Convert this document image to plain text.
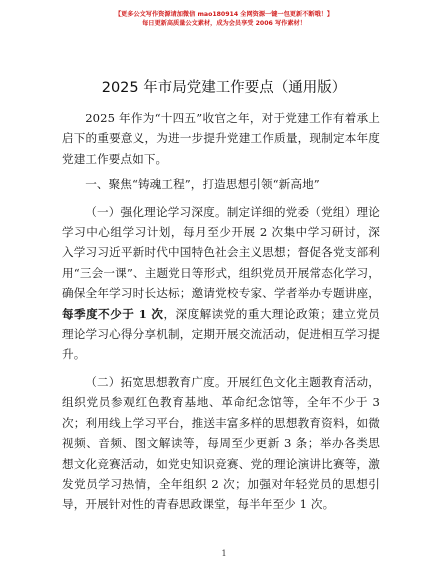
【更多公文写作资源请加微信 mao180914 全网资源一键一包更新不断哦！】
每日更新高质量公文素材，成为会员享受 2006 写作素材！
2025 年市局党建工作要点（通用版）

2025 年作为“十四五”收官之年，对于党建工作有着承上启下的重要意义，为进一步提升党建工作质量，现制定本年度党建工作要点如下。

一、聚焦“铸魂工程”，打造思想引领“新高地”

（一）强化理论学习深度。制定详细的党委（党组）理论学习中心组学习计划，每月至少开展 2 次集中学习研讨，深入学习习近平新时代中国特色社会主义思想；督促各党支部利用“三会一课”、主题党日等形式，组织党员开展常态化学习，确保全年学习时长达标；邀请党校专家、学者举办专题讲座，每季度不少于 1 次，深度解读党的重大理论政策；建立党员理论学习心得分享机制，定期开展交流活动，促进相互学习提升。

（二）拓宽思想教育广度。开展红色文化主题教育活动，组织党员参观红色教育基地、革命纪念馆等，全年不少于 3 次；利用线上学习平台，推送丰富多样的思想教育资料，如微视频、音频、图文解读等，每周至少更新 3 条；举办各类思想文化竞赛活动，如党史知识竞赛、党的理论演讲比赛等，激发党员学习热情，全年组织 2 次；加强对年轻党员的思想引导，开展针对性的青春思政课堂，每半年至少 1 次。

1
